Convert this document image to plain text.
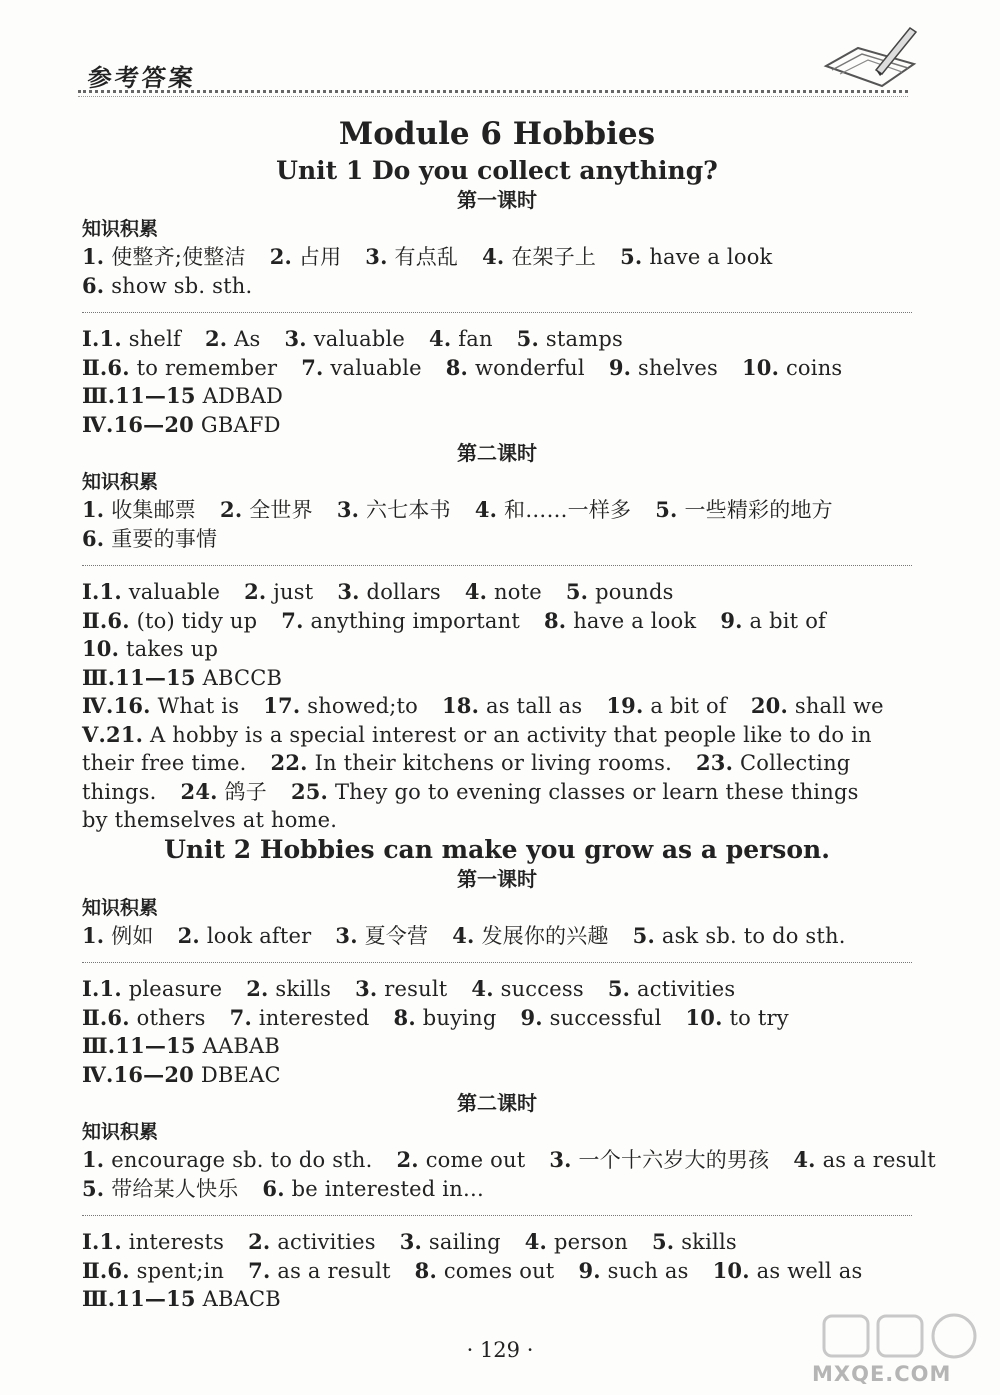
参考答案
Module 6 Hobbies
Unit 1 Do you collect anything?
第一课时
知识积累
1. 使整齐;使整洁 2. 占用 3. 有点乱 4. 在架子上 5. have a look
6. show sb. sth.
Ⅰ.1. shelf 2. As 3. valuable 4. fan 5. stamps
Ⅱ.6. to remember 7. valuable 8. wonderful 9. shelves 10. coins
Ⅲ.11—15 ADBAD
Ⅳ.16—20 GBAFD
第二课时
知识积累
1. 收集邮票 2. 全世界 3. 六七本书 4. 和……一样多 5. 一些精彩的地方
6. 重要的事情
Ⅰ.1. valuable 2. just 3. dollars 4. note 5. pounds
Ⅱ.6. (to) tidy up 7. anything important 8. have a look 9. a bit of
10. takes up
Ⅲ.11—15 ABCCB
Ⅳ.16. What is 17. showed;to 18. as tall as 19. a bit of 20. shall we
Ⅴ.21. A hobby is a special interest or an activity that people like to do in
their free time. 22. In their kitchens or living rooms. 23. Collecting
things. 24. 鸽子 25. They go to evening classes or learn these things
by themselves at home.
Unit 2 Hobbies can make you grow as a person.
第一课时
知识积累
1. 例如 2. look after 3. 夏令营 4. 发展你的兴趣 5. ask sb. to do sth.
Ⅰ.1. pleasure 2. skills 3. result 4. success 5. activities
Ⅱ.6. others 7. interested 8. buying 9. successful 10. to try
Ⅲ.11—15 AABAB
Ⅳ.16—20 DBEAC
第二课时
知识积累
1. encourage sb. to do sth. 2. come out 3. 一个十六岁大的男孩 4. as a result
5. 带给某人快乐 6. be interested in…
Ⅰ.1. interests 2. activities 3. sailing 4. person 5. skills
Ⅱ.6. spent;in 7. as a result 8. comes out 9. such as 10. as well as
Ⅲ.11—15 ABACB
· 129 ·
MXQE.COM
